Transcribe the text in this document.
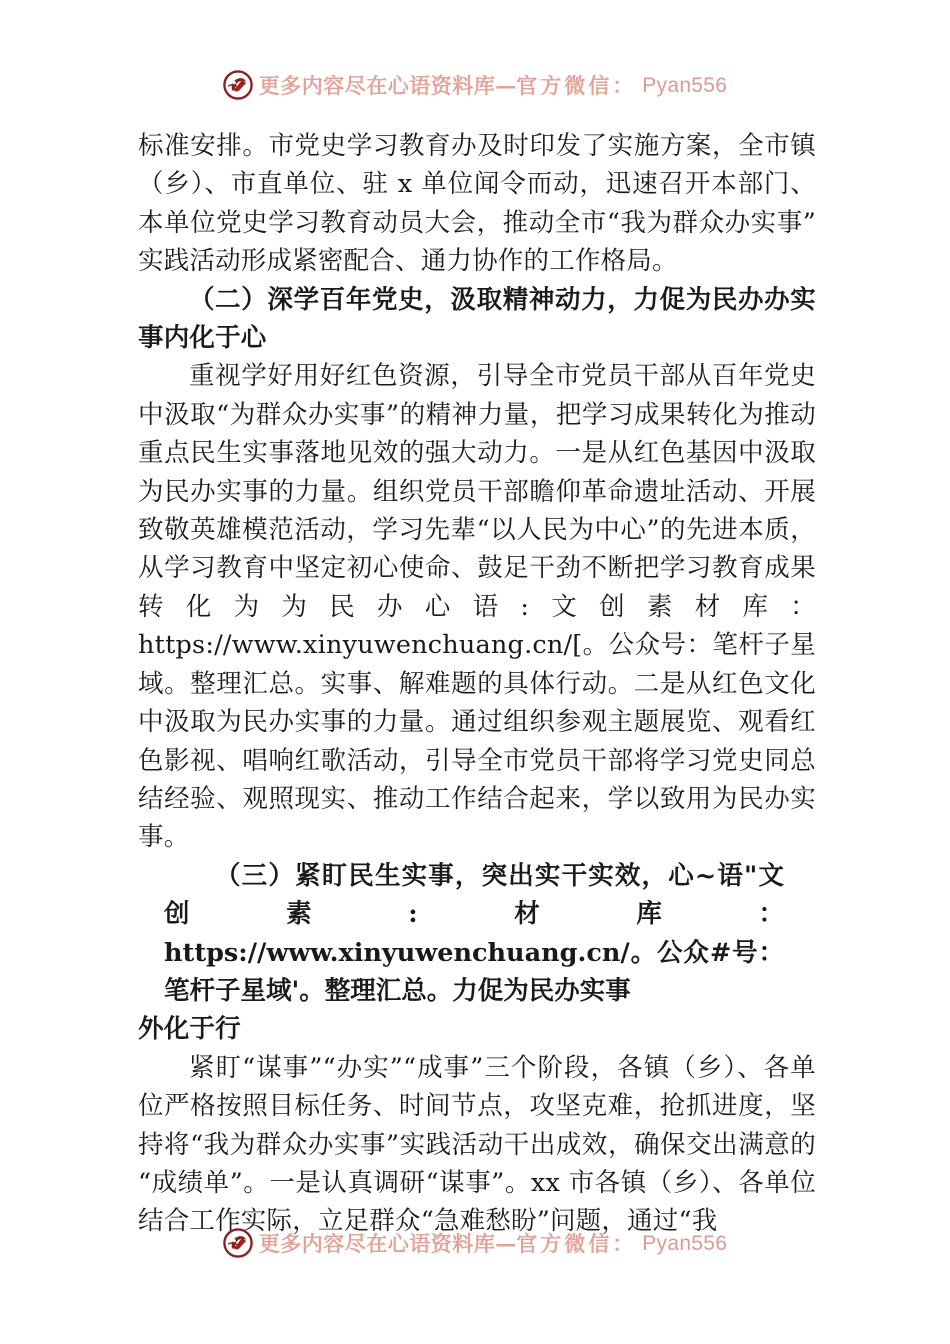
更多内容尽在心语资料库—官方微信： Pyan556

标准安排。市党史学习教育办及时印发了实施方案，全市镇（乡）、市直单位、驻 x 单位闻令而动，迅速召开本部门、本单位党史学习教育动员大会，推动全市“我为群众办实事”实践活动形成紧密配合、通力协作的工作格局。

（二）深学百年党史，汲取精神动力，力促为民办办实事内化于心

重视学好用好红色资源，引导全市党员干部从百年党史中汲取“为群众办实事”的精神力量，把学习成果转化为推动重点民生实事落地见效的强大动力。一是从红色基因中汲取为民办实事的力量。组织党员干部瞻仰革命遗址活动、开展致敬英雄模范活动，学习先辈“以人民为中心”的先进本质，从学习教育中坚定初心使命、鼓足干劲不断把学习教育成果转化为为民办心语:文创素材库：https://www.xinyuwenchuang.cn/[。公众号：笔杆子星域。整理汇总。实事、解难题的具体行动。二是从红色文化中汲取为民办实事的力量。通过组织参观主题展览、观看红色影视、唱响红歌活动，引导全市党员干部将学习党史同总结经验、观照现实、推动工作结合起来，学以致用为民办实事。

（三）紧盯民生实事，突出实干实效，心~语"文创素:材库：https://www.xinyuwenchuang.cn/。公众#号：笔杆子星域'。整理汇总。力促为民办实事

外化于行

紧盯“谋事”“办实”“成事”三个阶段，各镇（乡）、各单位严格按照目标任务、时间节点，攻坚克难，抢抓进度，坚持将“我为群众办实事”实践活动干出成效，确保交出满意的“成绩单”。一是认真调研“谋事”。xx 市各镇（乡）、各单位结合工作实际，立足群众“急难愁盼”问题，通过“我

更多内容尽在心语资料库—官方微信： Pyan556
